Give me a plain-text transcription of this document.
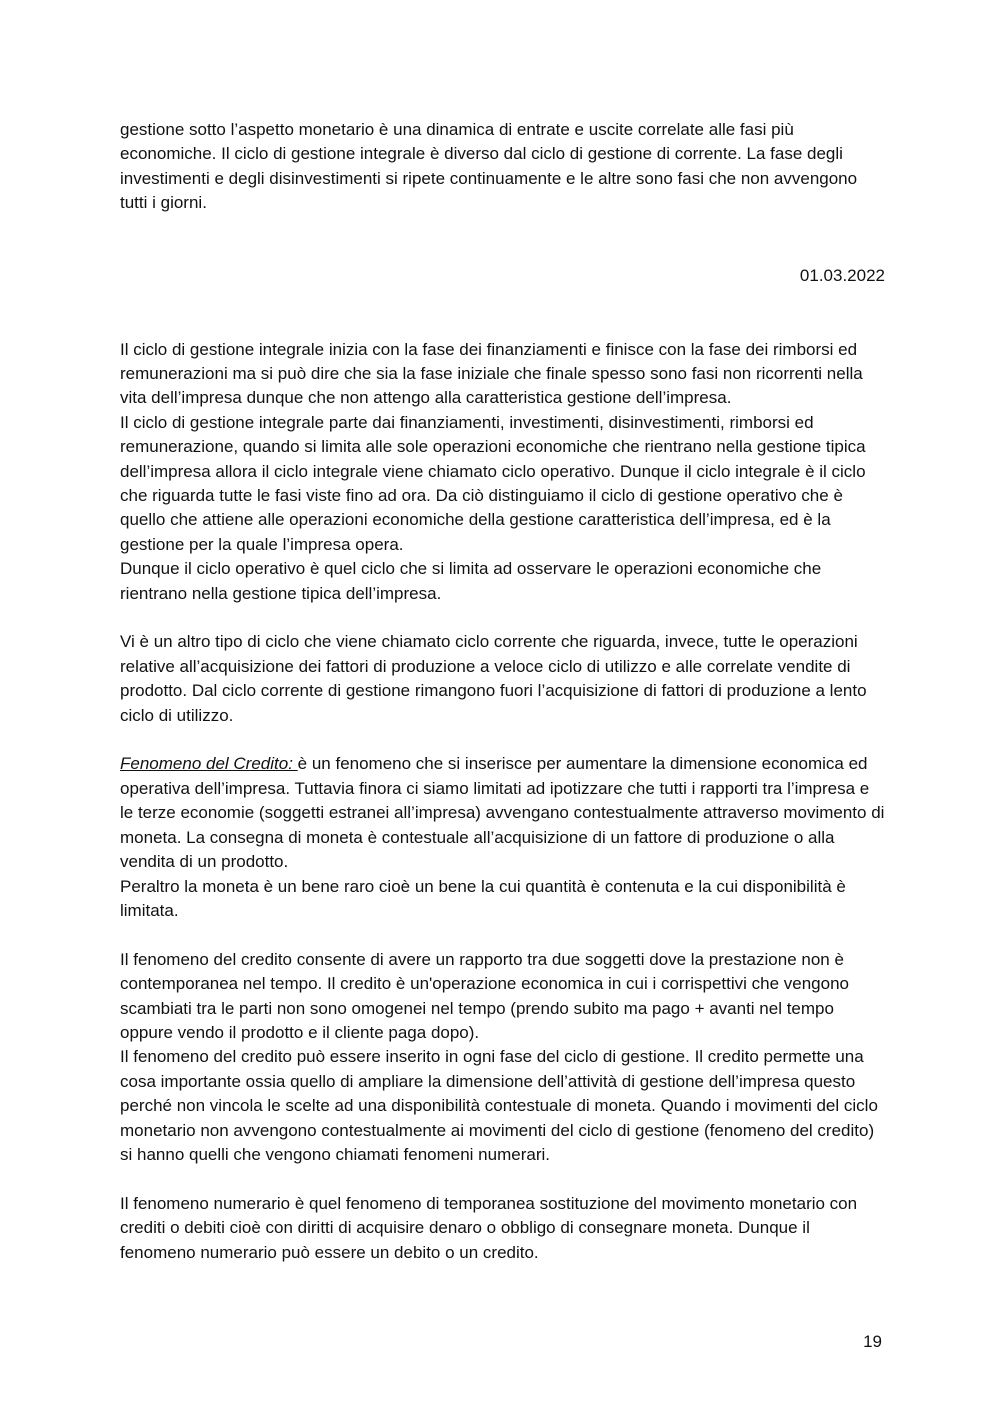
gestione sotto l’aspetto monetario è una dinamica di entrate e uscite correlate alle fasi più economiche. Il ciclo di gestione integrale è diverso dal ciclo di gestione di corrente. La fase degli investimenti e degli disinvestimenti si ripete continuamente e le altre sono fasi che non avvengono tutti i giorni.

01.03.2022

Il ciclo di gestione integrale inizia con la fase dei finanziamenti e finisce con la fase dei rimborsi ed remunerazioni ma si può dire che sia la fase iniziale che finale spesso sono fasi non ricorrenti nella vita dell’impresa dunque che non attengo alla caratteristica gestione dell’impresa.

Il ciclo di gestione integrale parte dai finanziamenti, investimenti, disinvestimenti, rimborsi ed remunerazione, quando si limita alle sole operazioni economiche che rientrano nella gestione tipica dell’impresa allora il ciclo integrale viene chiamato ciclo operativo. Dunque il ciclo integrale è il ciclo che riguarda tutte le fasi viste fino ad ora. Da ciò distinguiamo il ciclo di gestione operativo che è quello che attiene alle operazioni economiche della gestione caratteristica dell’impresa, ed è la gestione per la quale l’impresa opera.

Dunque il ciclo operativo è quel ciclo che si limita ad osservare le operazioni economiche che rientrano nella gestione tipica dell’impresa.

Vi è un altro tipo di ciclo che viene chiamato ciclo corrente che riguarda, invece, tutte le operazioni relative all’acquisizione dei fattori di produzione a veloce ciclo di utilizzo e alle correlate vendite di prodotto. Dal ciclo corrente di gestione rimangono fuori l’acquisizione di fattori di produzione a lento ciclo di utilizzo.

Fenomeno del Credito: è un fenomeno che si inserisce per aumentare la dimensione economica ed operativa dell’impresa. Tuttavia finora ci siamo limitati ad ipotizzare che tutti i rapporti tra l’impresa e le terze economie (soggetti estranei all’impresa) avvengano contestualmente attraverso movimento di moneta. La consegna di moneta è contestuale all’acquisizione di un fattore di produzione o alla vendita di un prodotto.

Peraltro la moneta è un bene raro cioè un bene la cui quantità è contenuta e la cui disponibilità è limitata.

Il fenomeno del credito consente di avere un rapporto tra due soggetti dove la prestazione non è contemporanea nel tempo. Il credito è un'operazione economica in cui i corrispettivi che vengono scambiati tra le parti non sono omogenei nel tempo (prendo subito ma pago + avanti nel tempo oppure vendo il prodotto e il cliente paga dopo).

Il fenomeno del credito può essere inserito in ogni fase del ciclo di gestione. Il credito permette una cosa importante ossia quello di ampliare la dimensione dell’attività di gestione dell’impresa questo perché non vincola le scelte ad una disponibilità contestuale di moneta. Quando i movimenti del ciclo monetario non avvengono contestualmente ai movimenti del ciclo di gestione (fenomeno del credito) si hanno quelli che vengono chiamati fenomeni numerari.

Il fenomeno numerario è quel fenomeno di temporanea sostituzione del movimento monetario con crediti o debiti cioè con diritti di acquisire denaro o obbligo di consegnare moneta. Dunque il fenomeno numerario può essere un debito o un credito.

19
